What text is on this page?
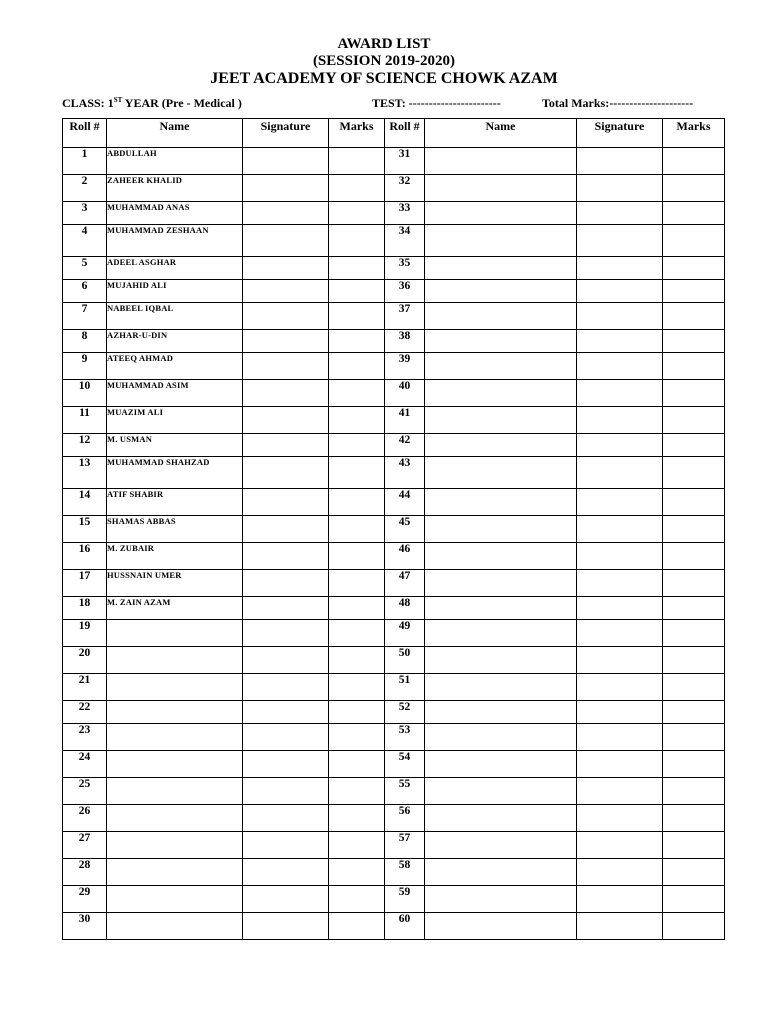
AWARD LIST
(SESSION 2019-2020)
JEET ACADEMY OF SCIENCE CHOWK AZAM
CLASS: 1ST YEAR (Pre - Medical )	TEST: -----------------------	Total Marks:---------------------
Roll #	Name	Signature	Marks	Roll #	Name	Signature	Marks
1	ABDULLAH			31			
2	ZAHEER KHALID			32			
3	MUHAMMAD ANAS			33			
4	MUHAMMAD ZESHAAN			34			
5	ADEEL ASGHAR			35			
6	MUJAHID ALI			36			
7	NABEEL IQBAL			37			
8	AZHAR-U-DIN			38			
9	ATEEQ AHMAD			39			
10	MUHAMMAD ASIM			40			
11	MUAZIM ALI			41			
12	M. USMAN			42			
13	MUHAMMAD SHAHZAD			43			
14	ATIF SHABIR			44			
15	SHAMAS ABBAS			45			
16	M. ZUBAIR			46			
17	HUSSNAIN UMER			47			
18	M. ZAIN AZAM			48			
19				49			
20				50			
21				51			
22				52			
23				53			
24				54			
25				55			
26				56			
27				57			
28				58			
29				59			
30				60			
